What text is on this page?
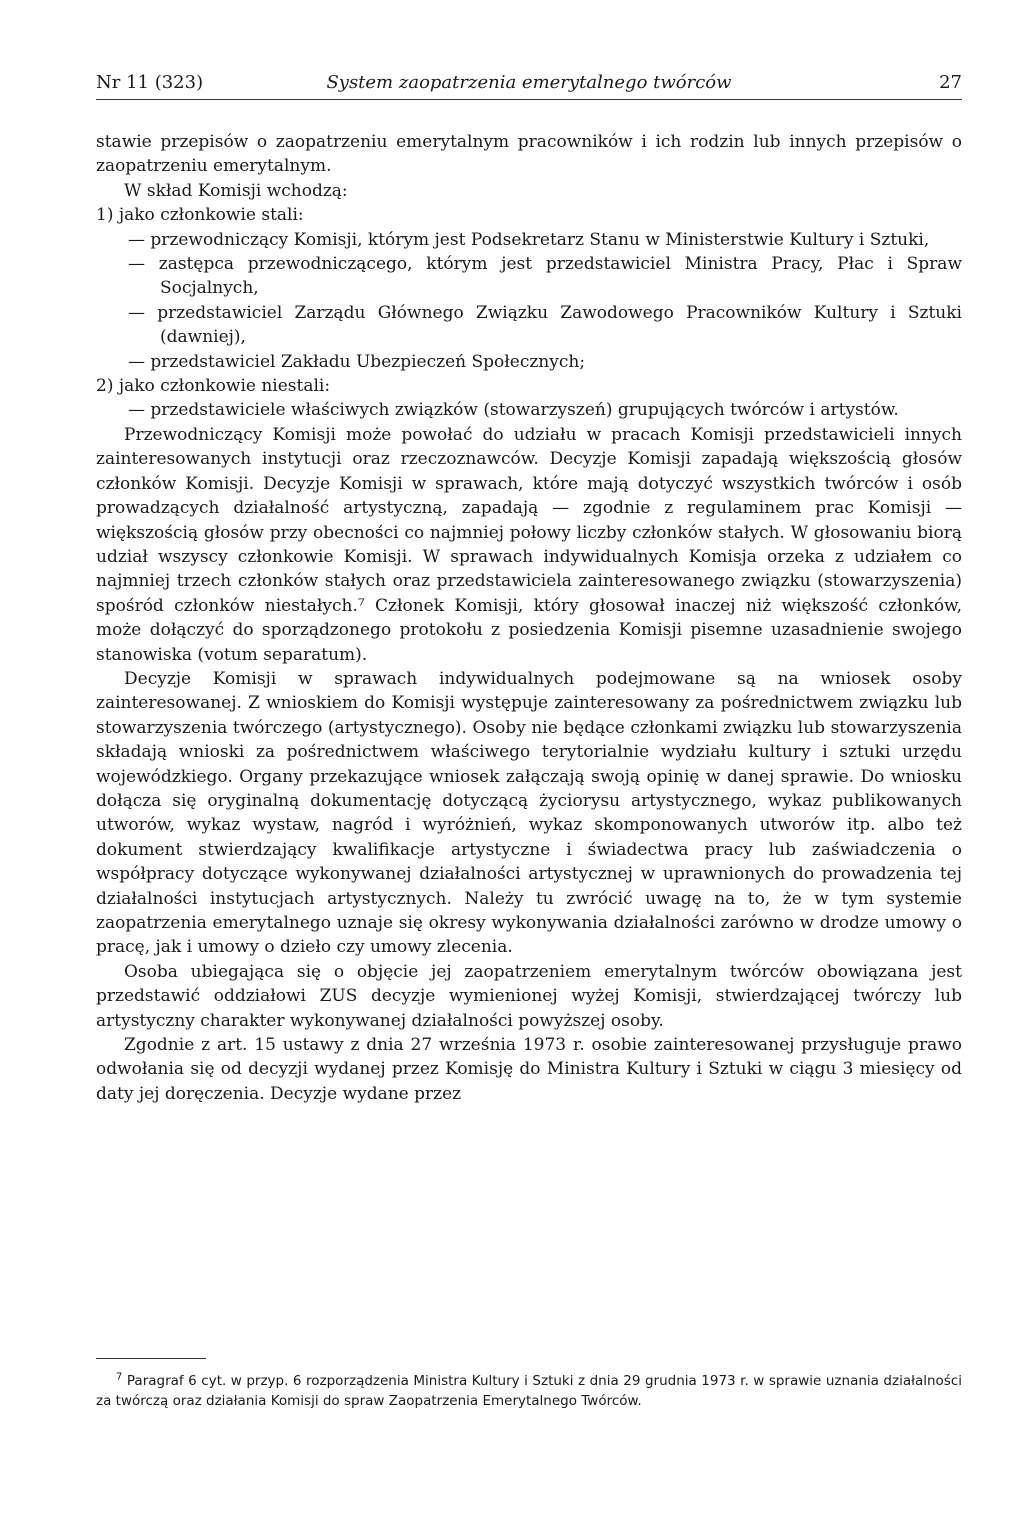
Nr 11 (323)	System zaopatrzenia emerytalnego twórców	27

stawie przepisów o zaopatrzeniu emerytalnym pracowników i ich rodzin lub innych przepisów o zaopatrzeniu emerytalnym.

W skład Komisji wchodzą:

1) jako członkowie stali:

— przewodniczący Komisji, którym jest Podsekretarz Stanu w Ministerstwie Kultury i Sztuki,

— zastępca przewodniczącego, którym jest przedstawiciel Ministra Pracy, Płac i Spraw Socjalnych,

— przedstawiciel Zarządu Głównego Związku Zawodowego Pracowników Kultury i Sztuki (dawniej),

— przedstawiciel Zakładu Ubezpieczeń Społecznych;

2) jako członkowie niestali:

— przedstawiciele właściwych związków (stowarzyszeń) grupujących twórców i artystów.

Przewodniczący Komisji może powołać do udziału w pracach Komisji przedstawicieli innych zainteresowanych instytucji oraz rzeczoznawców. Decyzje Komisji zapadają większością głosów członków Komisji. Decyzje Komisji w sprawach, które mają dotyczyć wszystkich twórców i osób prowadzących działalność artystyczną, zapadają — zgodnie z regulaminem prac Komisji — większością głosów przy obecności co najmniej połowy liczby członków stałych. W głosowaniu biorą udział wszyscy członkowie Komisji. W sprawach indywidualnych Komisja orzeka z udziałem co najmniej trzech członków stałych oraz przedstawiciela zainteresowanego związku (stowarzyszenia) spośród członków niestałych.⁷ Członek Komisji, który głosował inaczej niż większość członków, może dołączyć do sporządzonego protokołu z posiedzenia Komisji pisemne uzasadnienie swojego stanowiska (votum separatum).

Decyzje Komisji w sprawach indywidualnych podejmowane są na wniosek osoby zainteresowanej. Z wnioskiem do Komisji występuje zainteresowany za pośrednictwem związku lub stowarzyszenia twórczego (artystycznego). Osoby nie będące członkami związku lub stowarzyszenia składają wnioski za pośrednictwem właściwego terytorialnie wydziału kultury i sztuki urzędu wojewódzkiego. Organy przekazujące wniosek załączają swoją opinię w danej sprawie. Do wniosku dołącza się oryginalną dokumentację dotyczącą życiorysu artystycznego, wykaz publikowanych utworów, wykaz wystaw, nagród i wyróżnień, wykaz skomponowanych utworów itp. albo też dokument stwierdzający kwalifikacje artystyczne i świadectwa pracy lub zaświadczenia o współpracy dotyczące wykonywanej działalności artystycznej w uprawnionych do prowadzenia tej działalności instytucjach artystycznych. Należy tu zwrócić uwagę na to, że w tym systemie zaopatrzenia emerytalnego uznaje się okresy wykonywania działalności zarówno w drodze umowy o pracę, jak i umowy o dzieło czy umowy zlecenia.

Osoba ubiegająca się o objęcie jej zaopatrzeniem emerytalnym twórców obowiązana jest przedstawić oddziałowi ZUS decyzje wymienionej wyżej Komisji, stwierdzającej twórczy lub artystyczny charakter wykonywanej działalności powyższej osoby.

Zgodnie z art. 15 ustawy z dnia 27 września 1973 r. osobie zainteresowanej przysługuje prawo odwołania się od decyzji wydanej przez Komisję do Ministra Kultury i Sztuki w ciągu 3 miesięcy od daty jej doręczenia. Decyzje wydane przez

$^7$ Paragraf 6 cyt. w przyp. 6 rozporządzenia Ministra Kultury i Sztuki z dnia 29 grudnia 1973 r. w sprawie uznania działalności za twórczą oraz działania Komisji do spraw Zaopatrzenia Emerytalnego Twórców.
